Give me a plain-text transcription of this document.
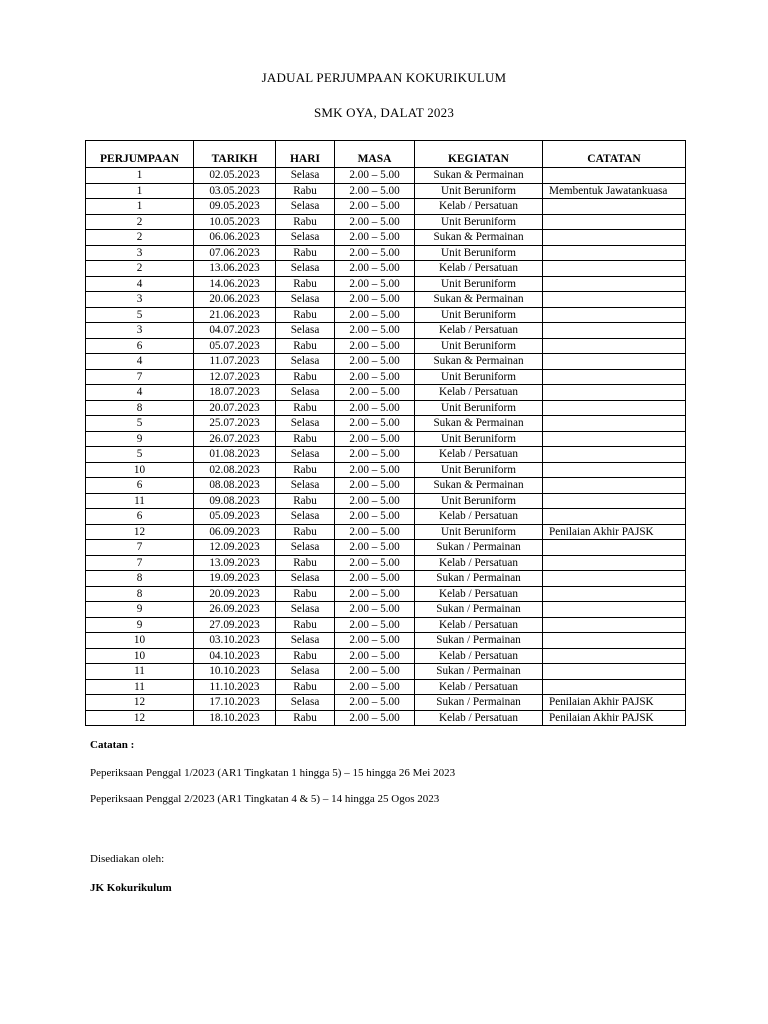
JADUAL PERJUMPAAN KOKURIKULUM
SMK OYA, DALAT 2023
PERJUMPAAN	TARIKH	HARI	MASA	KEGIATAN	CATATAN
1	02.05.2023	Selasa	2.00 – 5.00	Sukan & Permainan	
1	03.05.2023	Rabu	2.00 – 5.00	Unit Beruniform	Membentuk Jawatankuasa
1	09.05.2023	Selasa	2.00 – 5.00	Kelab / Persatuan	
2	10.05.2023	Rabu	2.00 – 5.00	Unit Beruniform	
2	06.06.2023	Selasa	2.00 – 5.00	Sukan & Permainan	
3	07.06.2023	Rabu	2.00 – 5.00	Unit Beruniform	
2	13.06.2023	Selasa	2.00 – 5.00	Kelab / Persatuan	
4	14.06.2023	Rabu	2.00 – 5.00	Unit Beruniform	
3	20.06.2023	Selasa	2.00 – 5.00	Sukan & Permainan	
5	21.06.2023	Rabu	2.00 – 5.00	Unit Beruniform	
3	04.07.2023	Selasa	2.00 – 5.00	Kelab / Persatuan	
6	05.07.2023	Rabu	2.00 – 5.00	Unit Beruniform	
4	11.07.2023	Selasa	2.00 – 5.00	Sukan & Permainan	
7	12.07.2023	Rabu	2.00 – 5.00	Unit Beruniform	
4	18.07.2023	Selasa	2.00 – 5.00	Kelab / Persatuan	
8	20.07.2023	Rabu	2.00 – 5.00	Unit Beruniform	
5	25.07.2023	Selasa	2.00 – 5.00	Sukan & Permainan	
9	26.07.2023	Rabu	2.00 – 5.00	Unit Beruniform	
5	01.08.2023	Selasa	2.00 – 5.00	Kelab / Persatuan	
10	02.08.2023	Rabu	2.00 – 5.00	Unit Beruniform	
6	08.08.2023	Selasa	2.00 – 5.00	Sukan & Permainan	
11	09.08.2023	Rabu	2.00 – 5.00	Unit Beruniform	
6	05.09.2023	Selasa	2.00 – 5.00	Kelab / Persatuan	
12	06.09.2023	Rabu	2.00 – 5.00	Unit Beruniform	Penilaian Akhir PAJSK
7	12.09.2023	Selasa	2.00 – 5.00	Sukan / Permainan	
7	13.09.2023	Rabu	2.00 – 5.00	Kelab / Persatuan	
8	19.09.2023	Selasa	2.00 – 5.00	Sukan / Permainan	
8	20.09.2023	Rabu	2.00 – 5.00	Kelab / Persatuan	
9	26.09.2023	Selasa	2.00 – 5.00	Sukan / Permainan	
9	27.09.2023	Rabu	2.00 – 5.00	Kelab / Persatuan	
10	03.10.2023	Selasa	2.00 – 5.00	Sukan / Permainan	
10	04.10.2023	Rabu	2.00 – 5.00	Kelab / Persatuan	
11	10.10.2023	Selasa	2.00 – 5.00	Sukan / Permainan	
11	11.10.2023	Rabu	2.00 – 5.00	Kelab / Persatuan	
12	17.10.2023	Selasa	2.00 – 5.00	Sukan / Permainan	Penilaian Akhir PAJSK
12	18.10.2023	Rabu	2.00 – 5.00	Kelab / Persatuan	Penilaian Akhir PAJSK
Catatan :
Peperiksaan Penggal 1/2023 (AR1 Tingkatan 1 hingga 5) – 15 hingga 26 Mei 2023
Peperiksaan Penggal 2/2023 (AR1 Tingkatan 4 & 5) – 14 hingga 25 Ogos 2023
Disediakan oleh:
JK Kokurikulum
